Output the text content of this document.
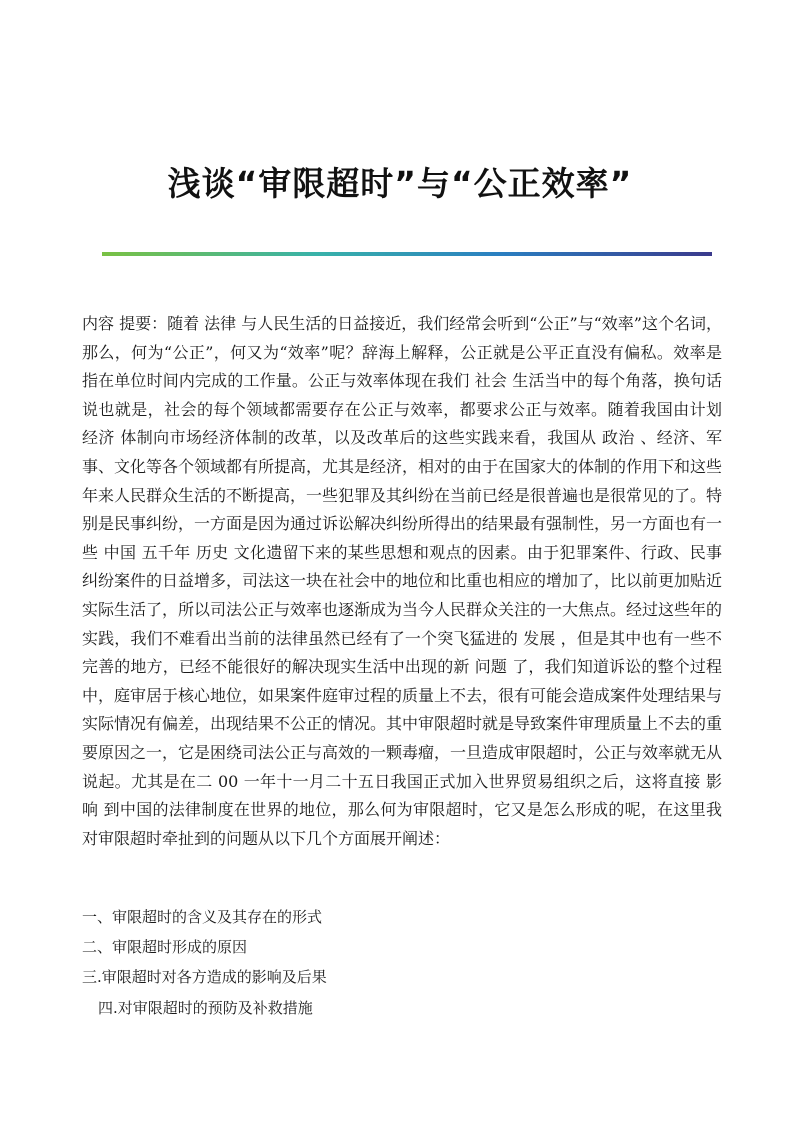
浅谈“审限超时”与“公正效率”

内容 提要：随着 法律 与人民生活的日益接近，我们经常会听到“公正”与“效率”这个名词，那么，何为“公正”，何又为“效率”呢？辞海上解释，公正就是公平正直没有偏私。效率是指在单位时间内完成的工作量。公正与效率体现在我们 社会 生活当中的每个角落，换句话说也就是，社会的每个领域都需要存在公正与效率，都要求公正与效率。随着我国由计划 经济 体制向市场经济体制的改革，以及改革后的这些实践来看，我国从 政治 、经济、军事、文化等各个领域都有所提高，尤其是经济，相对的由于在国家大的体制的作用下和这些年来人民群众生活的不断提高，一些犯罪及其纠纷在当前已经是很普遍也是很常见的了。特别是民事纠纷，一方面是因为通过诉讼解决纠纷所得出的结果最有强制性，另一方面也有一些 中国 五千年 历史 文化遗留下来的某些思想和观点的因素。由于犯罪案件、行政、民事纠纷案件的日益增多，司法这一块在社会中的地位和比重也相应的增加了，比以前更加贴近实际生活了，所以司法公正与效率也逐渐成为当今人民群众关注的一大焦点。经过这些年的实践，我们不难看出当前的法律虽然已经有了一个突飞猛进的 发展 ，但是其中也有一些不完善的地方，已经不能很好的解决现实生活中出现的新 问题 了，我们知道诉讼的整个过程中，庭审居于核心地位，如果案件庭审过程的质量上不去，很有可能会造成案件处理结果与实际情况有偏差，出现结果不公正的情况。其中审限超时就是导致案件审理质量上不去的重要原因之一，它是困绕司法公正与高效的一颗毒瘤，一旦造成审限超时，公正与效率就无从说起。尤其是在二 00 一年十一月二十五日我国正式加入世界贸易组织之后，这将直接 影响 到中国的法律制度在世界的地位，那么何为审限超时，它又是怎么形成的呢，在这里我对审限超时牵扯到的问题从以下几个方面展开阐述：

一、审限超时的含义及其存在的形式

二、审限超时形成的原因

三.审限超时对各方造成的影响及后果

四.对审限超时的预防及补救措施
